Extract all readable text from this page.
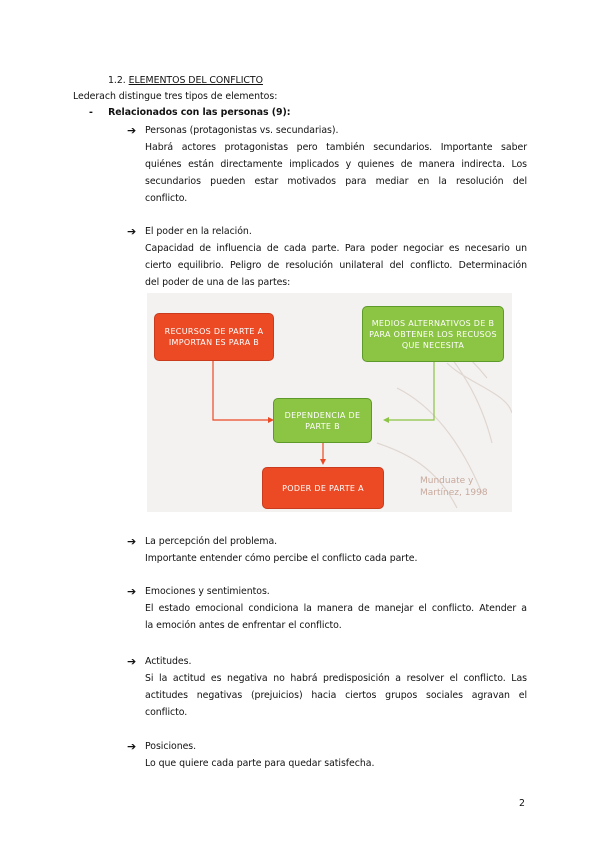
1.2. ELEMENTOS DEL CONFLICTO
Lederach distingue tres tipos de elementos:
- Relacionados con las personas (9):
➔ Personas (protagonistas vs. secundarias).
Habrá actores protagonistas pero también secundarios. Importante saber
quiénes están directamente implicados y quienes de manera indirecta. Los
secundarios pueden estar motivados para mediar en la resolución del
conflicto.
➔ El poder en la relación.
Capacidad de influencia de cada parte. Para poder negociar es necesario un
cierto equilibrio. Peligro de resolución unilateral del conflicto. Determinación
del poder de una de las partes:
RECURSOS DE PARTE A IMPORTAN ES PARA B
MEDIOS ALTERNATIVOS DE B PARA OBTENER LOS RECUSOS QUE NECESITA
DEPENDENCIA DE PARTE B
PODER DE PARTE A
Munduate y
Martínez, 1998
➔ La percepción del problema.
Importante entender cómo percibe el conflicto cada parte.
➔ Emociones y sentimientos.
El estado emocional condiciona la manera de manejar el conflicto. Atender a
la emoción antes de enfrentar el conflicto.
➔ Actitudes.
Si la actitud es negativa no habrá predisposición a resolver el conflicto. Las
actitudes negativas (prejuicios) hacia ciertos grupos sociales agravan el
conflicto.
➔ Posiciones.
Lo que quiere cada parte para quedar satisfecha.
2
